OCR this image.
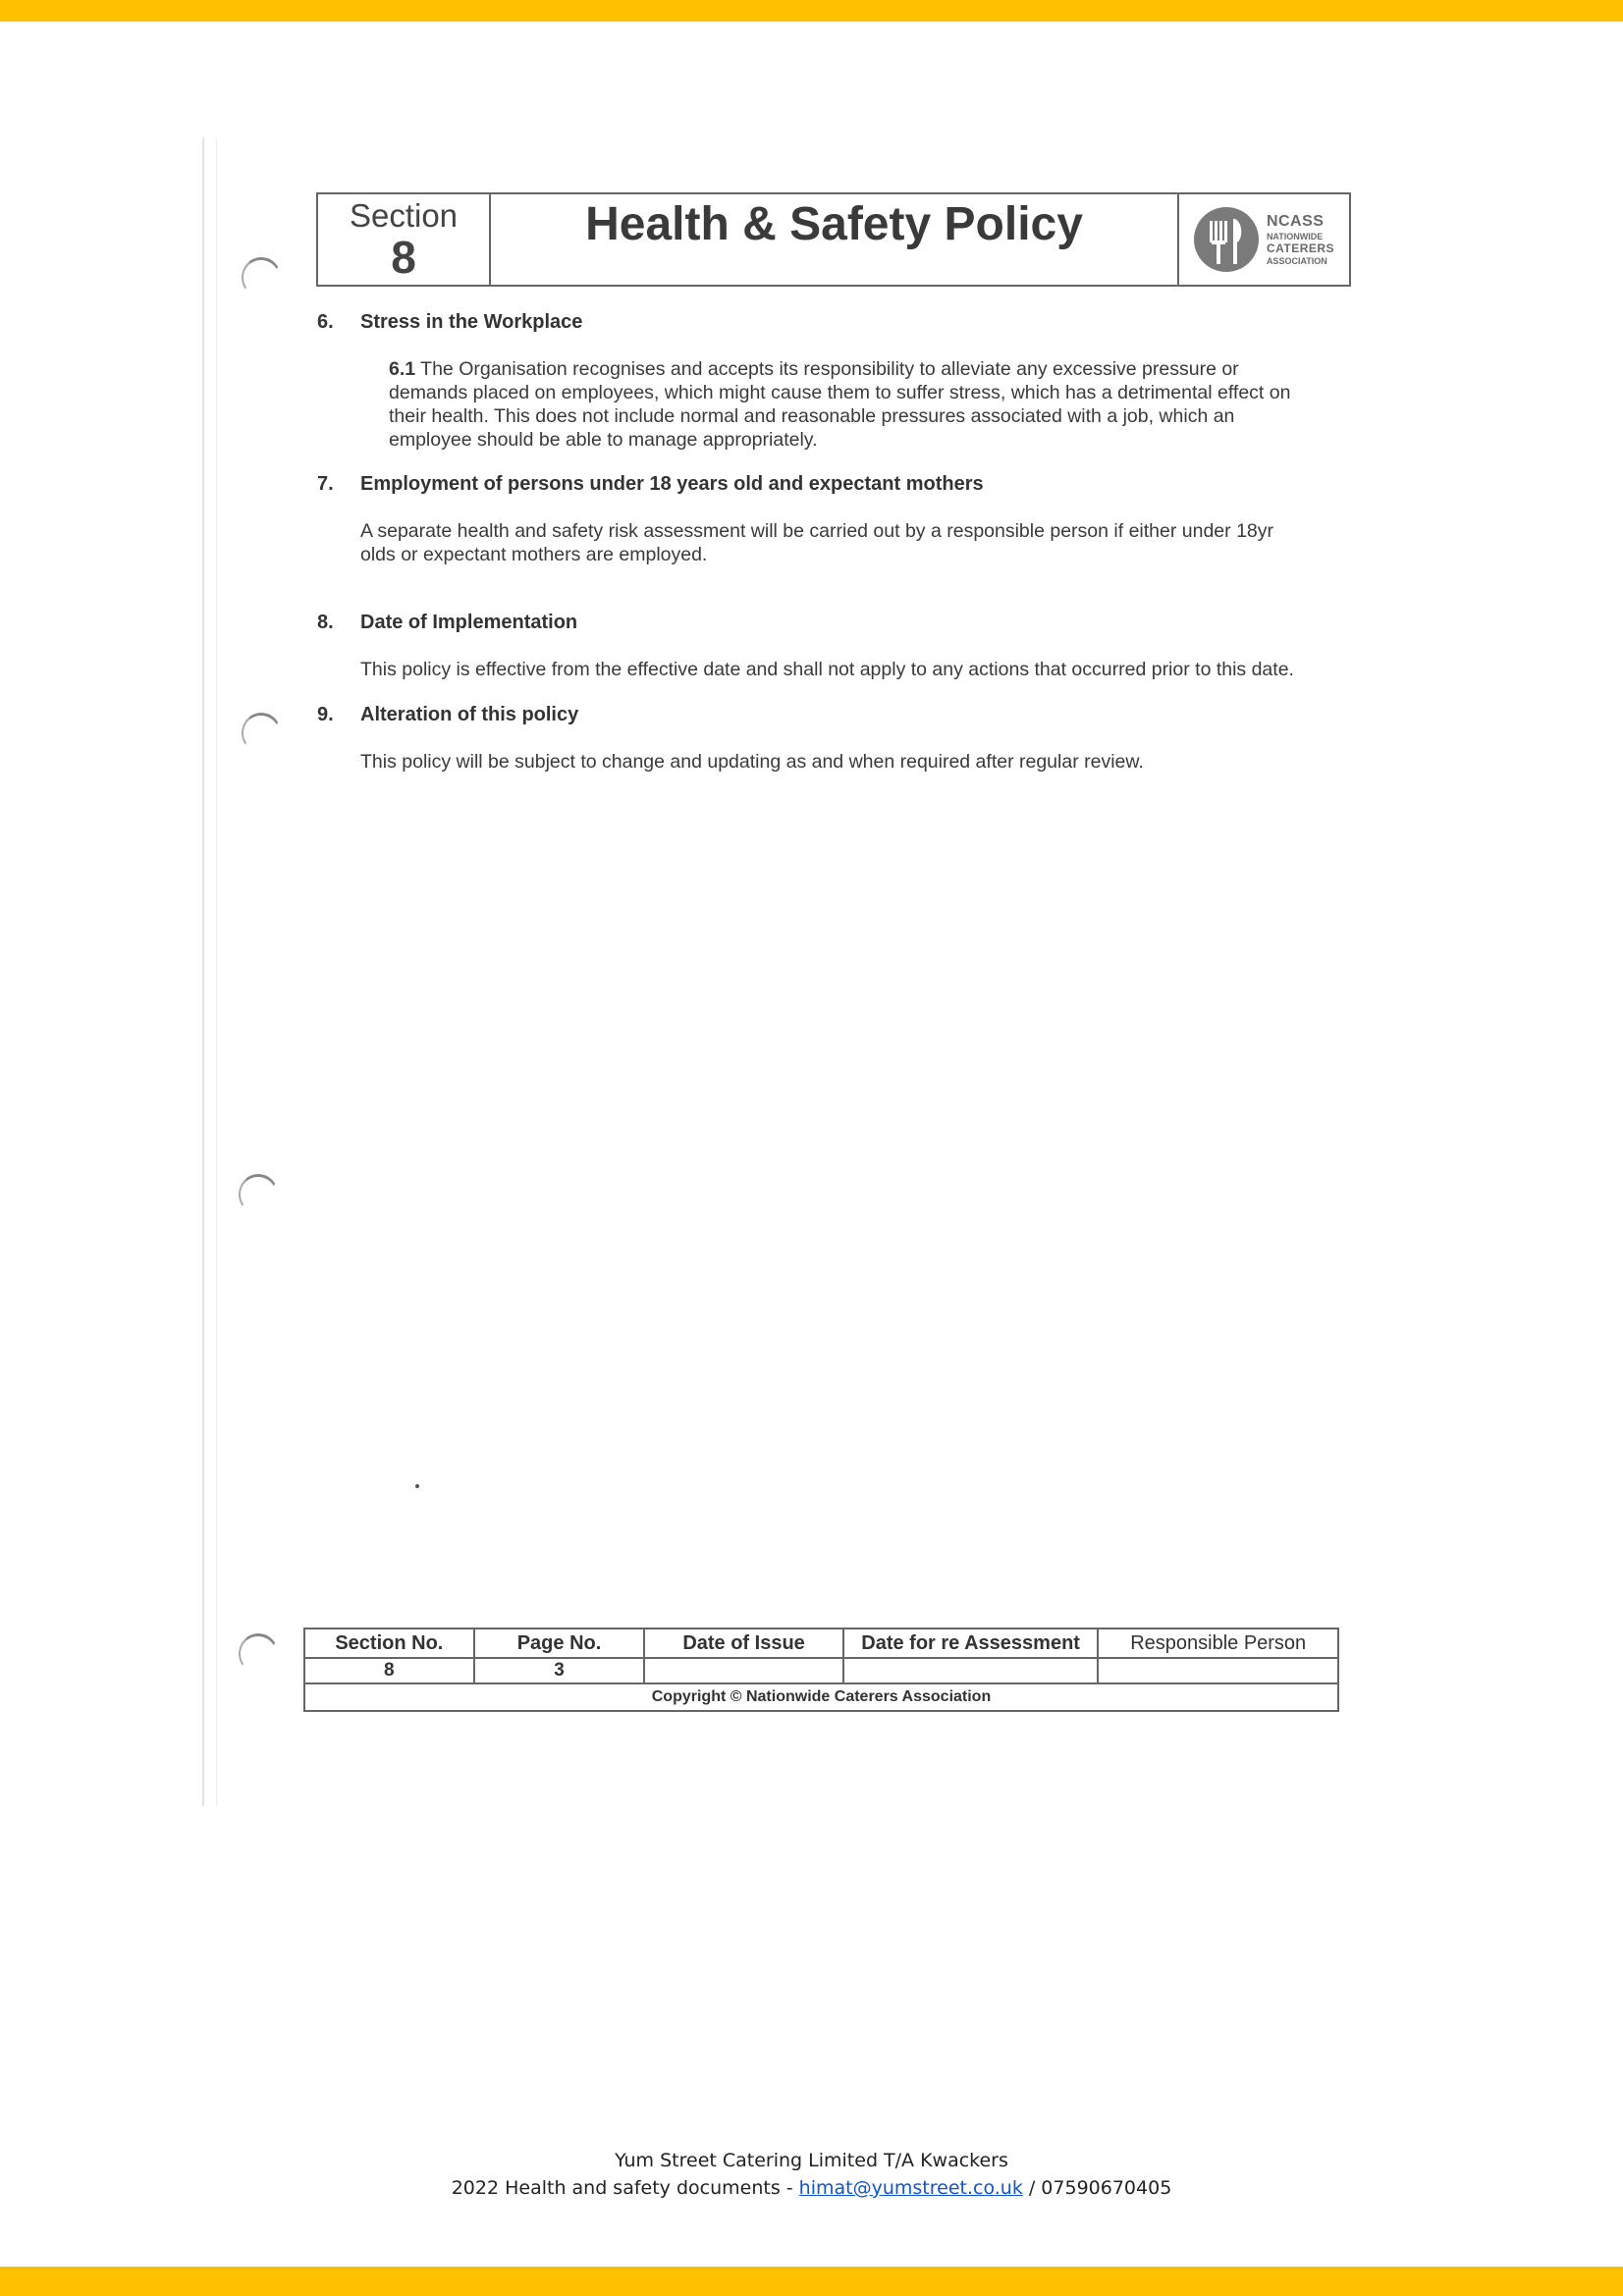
Section
8
Health & Safety Policy	NCASS
NATIONWIDE
CATERERS
ASSOCIATION
6. Stress in the Workplace
6.1 The Organisation recognises and accepts its responsibility to alleviate any excessive pressure or
demands placed on employees, which might cause them to suffer stress, which has a detrimental effect on
their health. This does not include normal and reasonable pressures associated with a job, which an
employee should be able to manage appropriately.
7. Employment of persons under 18 years old and expectant mothers
A separate health and safety risk assessment will be carried out by a responsible person if either under 18yr
olds or expectant mothers are employed.
8. Date of Implementation
This policy is effective from the effective date and shall not apply to any actions that occurred prior to this date.
9. Alteration of this policy
This policy will be subject to change and updating as and when required after regular review.
Section No.	Page No.	Date of Issue	Date for re Assessment	Responsible Person
8	3			
Copyright © Nationwide Caterers Association				
Yum Street Catering Limited T/A Kwackers
2022 Health and safety documents - himat@yumstreet.co.uk / 07590670405
